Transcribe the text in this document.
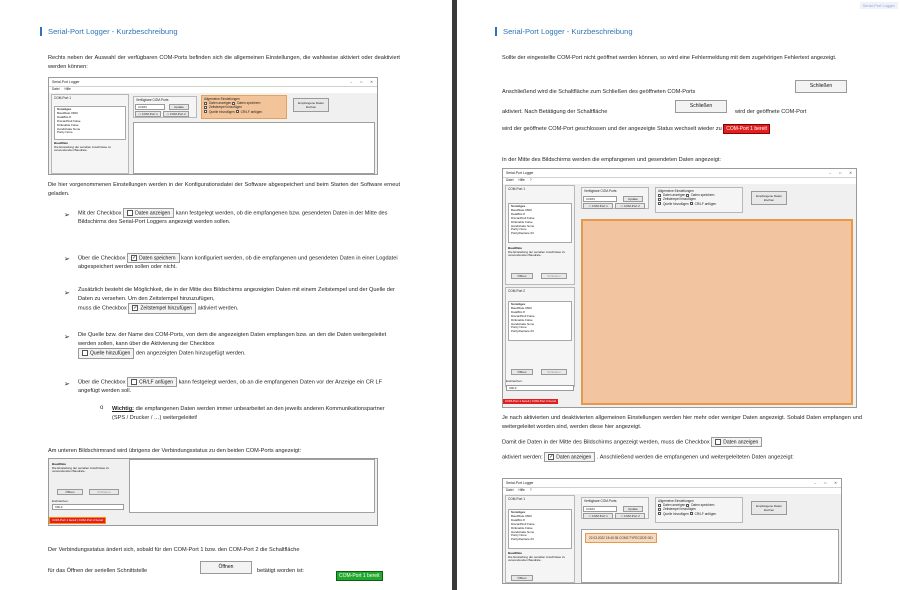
Serial-Port Logger - Kurzbeschreibung
Rechts neben der Auswahl der verfügbaren COM-Ports befinden sich die allgemeinen Einstellungen, die wahlweise aktiviert oder deaktiviert werden können:
Serial-Port Logger	– □ ✕
Datei Hilfe
COM-Port 1
Sonstiges
BaudRate 9600
DataBits 8
DiscardNull False
DtrEnable False
Handshake None
Parity None
BaudRate
Die Einstellung der seriellen Anschlüsse zu verwendenden Baudrate.
Verfügbare COM-Ports
COM4	Update
-> COM-Port 1	-> COM-Port 2
Allgemeine Einstellungen
Daten anzeigen Daten speichern
Zeitstempel hinzufügen
Quelle hinzufügen CR/LF anfügen
Empfangene Daten löschen
Die hier vorgenommenen Einstellungen werden in der Konfigurationsdatei der Software abgespeichert und beim Starten der Software erneut geladen.
➢ Mit der Checkbox	Daten anzeigen kann festgelegt werden, ob die empfangenen bzw. gesendeten Daten in der Mitte des Bildschirms des Serial-Port Loggers angezeigt werden sollen.
➢ Über die Checkbox ✓ Daten speichern kann konfiguriert werden, ob die empfangenen und gesendeten Daten in einer Logdatei abgespeichert werden sollen oder nicht.
➢ Zusätzlich besteht die Möglichkeit, die in der Mitte des Bildschirms angezeigten Daten mit einem Zeitstempel und der Quelle der Daten zu versehen. Um den Zeitstempel hinzuzufügen,
muss die Checkbox ✓ Zeitstempel hinzufügen aktiviert werden.
➢ Die Quelle bzw. der Name des COM-Ports, von dem die angezeigten Daten empfangen bzw. an den die Daten weitergeleitet werden sollen, kann über die Aktivierung der Checkbox
Quelle hinzufügen den angezeigten Daten hinzugefügt werden.
➢ Über die Checkbox	CR/LF anfügen kann festgelegt werden, ob an die empfangenen Daten vor der Anzeige ein CR LF angefügt werden soll.
o Wichtig: die empfangenen Daten werden immer unbearbeitet an den jeweils anderen Kommunikationspartner (SPS / Drucker / …) weitergeleitet!
Am unteren Bildschirmrand wird übrigens der Verbindungsstatus zu den beiden COM-Ports angezeigt:
BaudRate
Die Einstellung der seriellen Anschlüsse zu verwendenden Baudrate.
Öffnen	Schließen
Endzeichen:
CRLF
COM-Port 1 bereit | COM-Port 2 bereit
Der Verbindungsstatus ändert sich, sobald für den COM-Port 1 bzw. den COM-Port 2 die Schaltfläche
für das Öffnen der seriellen Schnittstelle
Öffnen
betätigt worden ist:
COM-Port 1 bereit
Serial-Port Logger
Serial-Port Logger - Kurzbeschreibung
Sollte der eingestellte COM-Port nicht geöffnet werden können, so wird eine Fehlermeldung mit dem zugehörigen Fehlertext angezeigt.
Anschließend wird die Schaltfläche zum Schließen des geöffneten COM-Ports
Schließen
aktiviert. Nach Betätigung der Schaltfläche
Schließen
wird der geöffnete COM-Port
wird der geöffnete COM-Port geschlossen und der angezeigte Status wechselt wieder zu COM-Port 1 bereit
In der Mitte des Bildschirms werden die empfangenen und gesendeten Daten angezeigt:
Serial-Port Logger	– □ ✕
Datei Hilfe ?
COM-Port 1
Sonstiges
BaudRate 9600
DataBits 8
DiscardNull False
DtrEnable False
Handshake None
Parity None
ParityReplace 63
BaudRate
Die Einstellung der seriellen Anschlüsse zu verwendenden Baudrate.
Öffnen	Schließen
COM-Port 2
Sonstiges
BaudRate 9600
DataBits 8
DiscardNull False
DtrEnable False
Handshake None
Parity None
ParityReplace 63
Öffnen	Schließen
Endzeichen:
CRLF
COM-Port 1 bereit | COM-Port 2 bereit
Verfügbare COM-Ports
COM4	Update
-> COM-Port 1	-> COM-Port 2
Allgemeine Einstellungen
Daten anzeigen Daten speichern
Zeitstempel hinzufügen
Quelle hinzufügen CR/LF anfügen
Empfangene Daten löschen
Je nach aktivierten und deaktivierten allgemeinen Einstellungen werden hier mehr oder weniger Daten angezeigt. Sobald Daten empfangen und weitergeleitet worden sind, werden diese hier angezeigt.
Damit die Daten in der Mitte des Bildschirms angezeigt werden, muss die Checkbox	Daten anzeigen
aktiviert werden: ✓ Daten anzeigen . Anschließend werden die empfangenen und weitergeleiteten Daten angezeigt:
Serial-Port Logger	– □ ✕
Datei Hilfe ?
COM-Port 1
Sonstiges
BaudRate 9600
DataBits 8
DiscardNull False
DtrEnable False
Handshake None
Parity None
ParityReplace 63
BaudRate
Die Einstellung der seriellen Anschlüsse zu verwendenden Baudrate.
Öffnen
Verfügbare COM-Ports
COM4	Update
-> COM-Port 1	-> COM-Port 2
Allgemeine Einstellungen
Daten anzeigen Daten speichern
Zeitstempel hinzufügen
Quelle hinzufügen CR/LF anfügen
Empfangene Daten löschen
22.03.2022 15:40:35 COM3 TYPECODE 001
